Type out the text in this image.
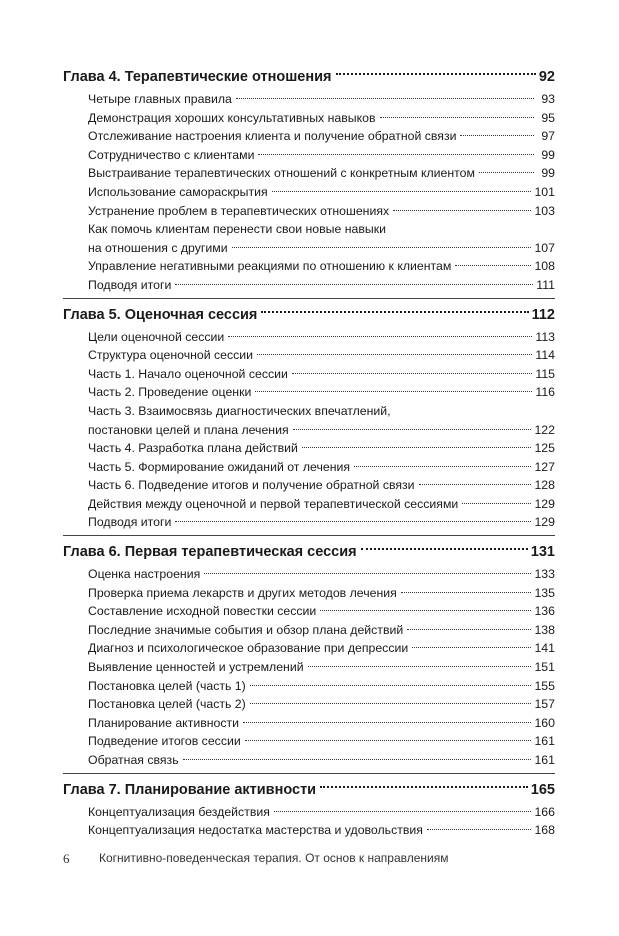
Глава 4. Терапевтические отношения	92
Четыре главных правила	93
Демонстрация хороших консультативных навыков	95
Отслеживание настроения клиента и получение обратной связи	97
Сотрудничество с клиентами	99
Выстраивание терапевтических отношений с конкретным клиентом	99
Использование самораскрытия	101
Устранение проблем в терапевтических отношениях	103
Как помочь клиентам перенести свои новые навыки
на отношения с другими	107
Управление негативными реакциями по отношению к клиентам	108
Подводя итоги	111
Глава 5. Оценочная сессия	112
Цели оценочной сессии	113
Структура оценочной сессии	114
Часть 1. Начало оценочной сессии	115
Часть 2. Проведение оценки	116
Часть 3. Взаимосвязь диагностических впечатлений,
постановки целей и плана лечения	122
Часть 4. Разработка плана действий	125
Часть 5. Формирование ожиданий от лечения	127
Часть 6. Подведение итогов и получение обратной связи	128
Действия между оценочной и первой терапевтической сессиями	129
Подводя итоги	129
Глава 6. Первая терапевтическая сессия	131
Оценка настроения	133
Проверка приема лекарств и других методов лечения	135
Составление исходной повестки сессии	136
Последние значимые события и обзор плана действий	138
Диагноз и психологическое образование при депрессии	141
Выявление ценностей и устремлений	151
Постановка целей (часть 1)	155
Постановка целей (часть 2)	157
Планирование активности	160
Подведение итогов сессии	161
Обратная связь	161
Глава 7. Планирование активности	165
Концептуализация бездействия	166
Концептуализация недостатка мастерства и удовольствия	168
6	Когнитивно-поведенческая терапия. От основ к направлениям
